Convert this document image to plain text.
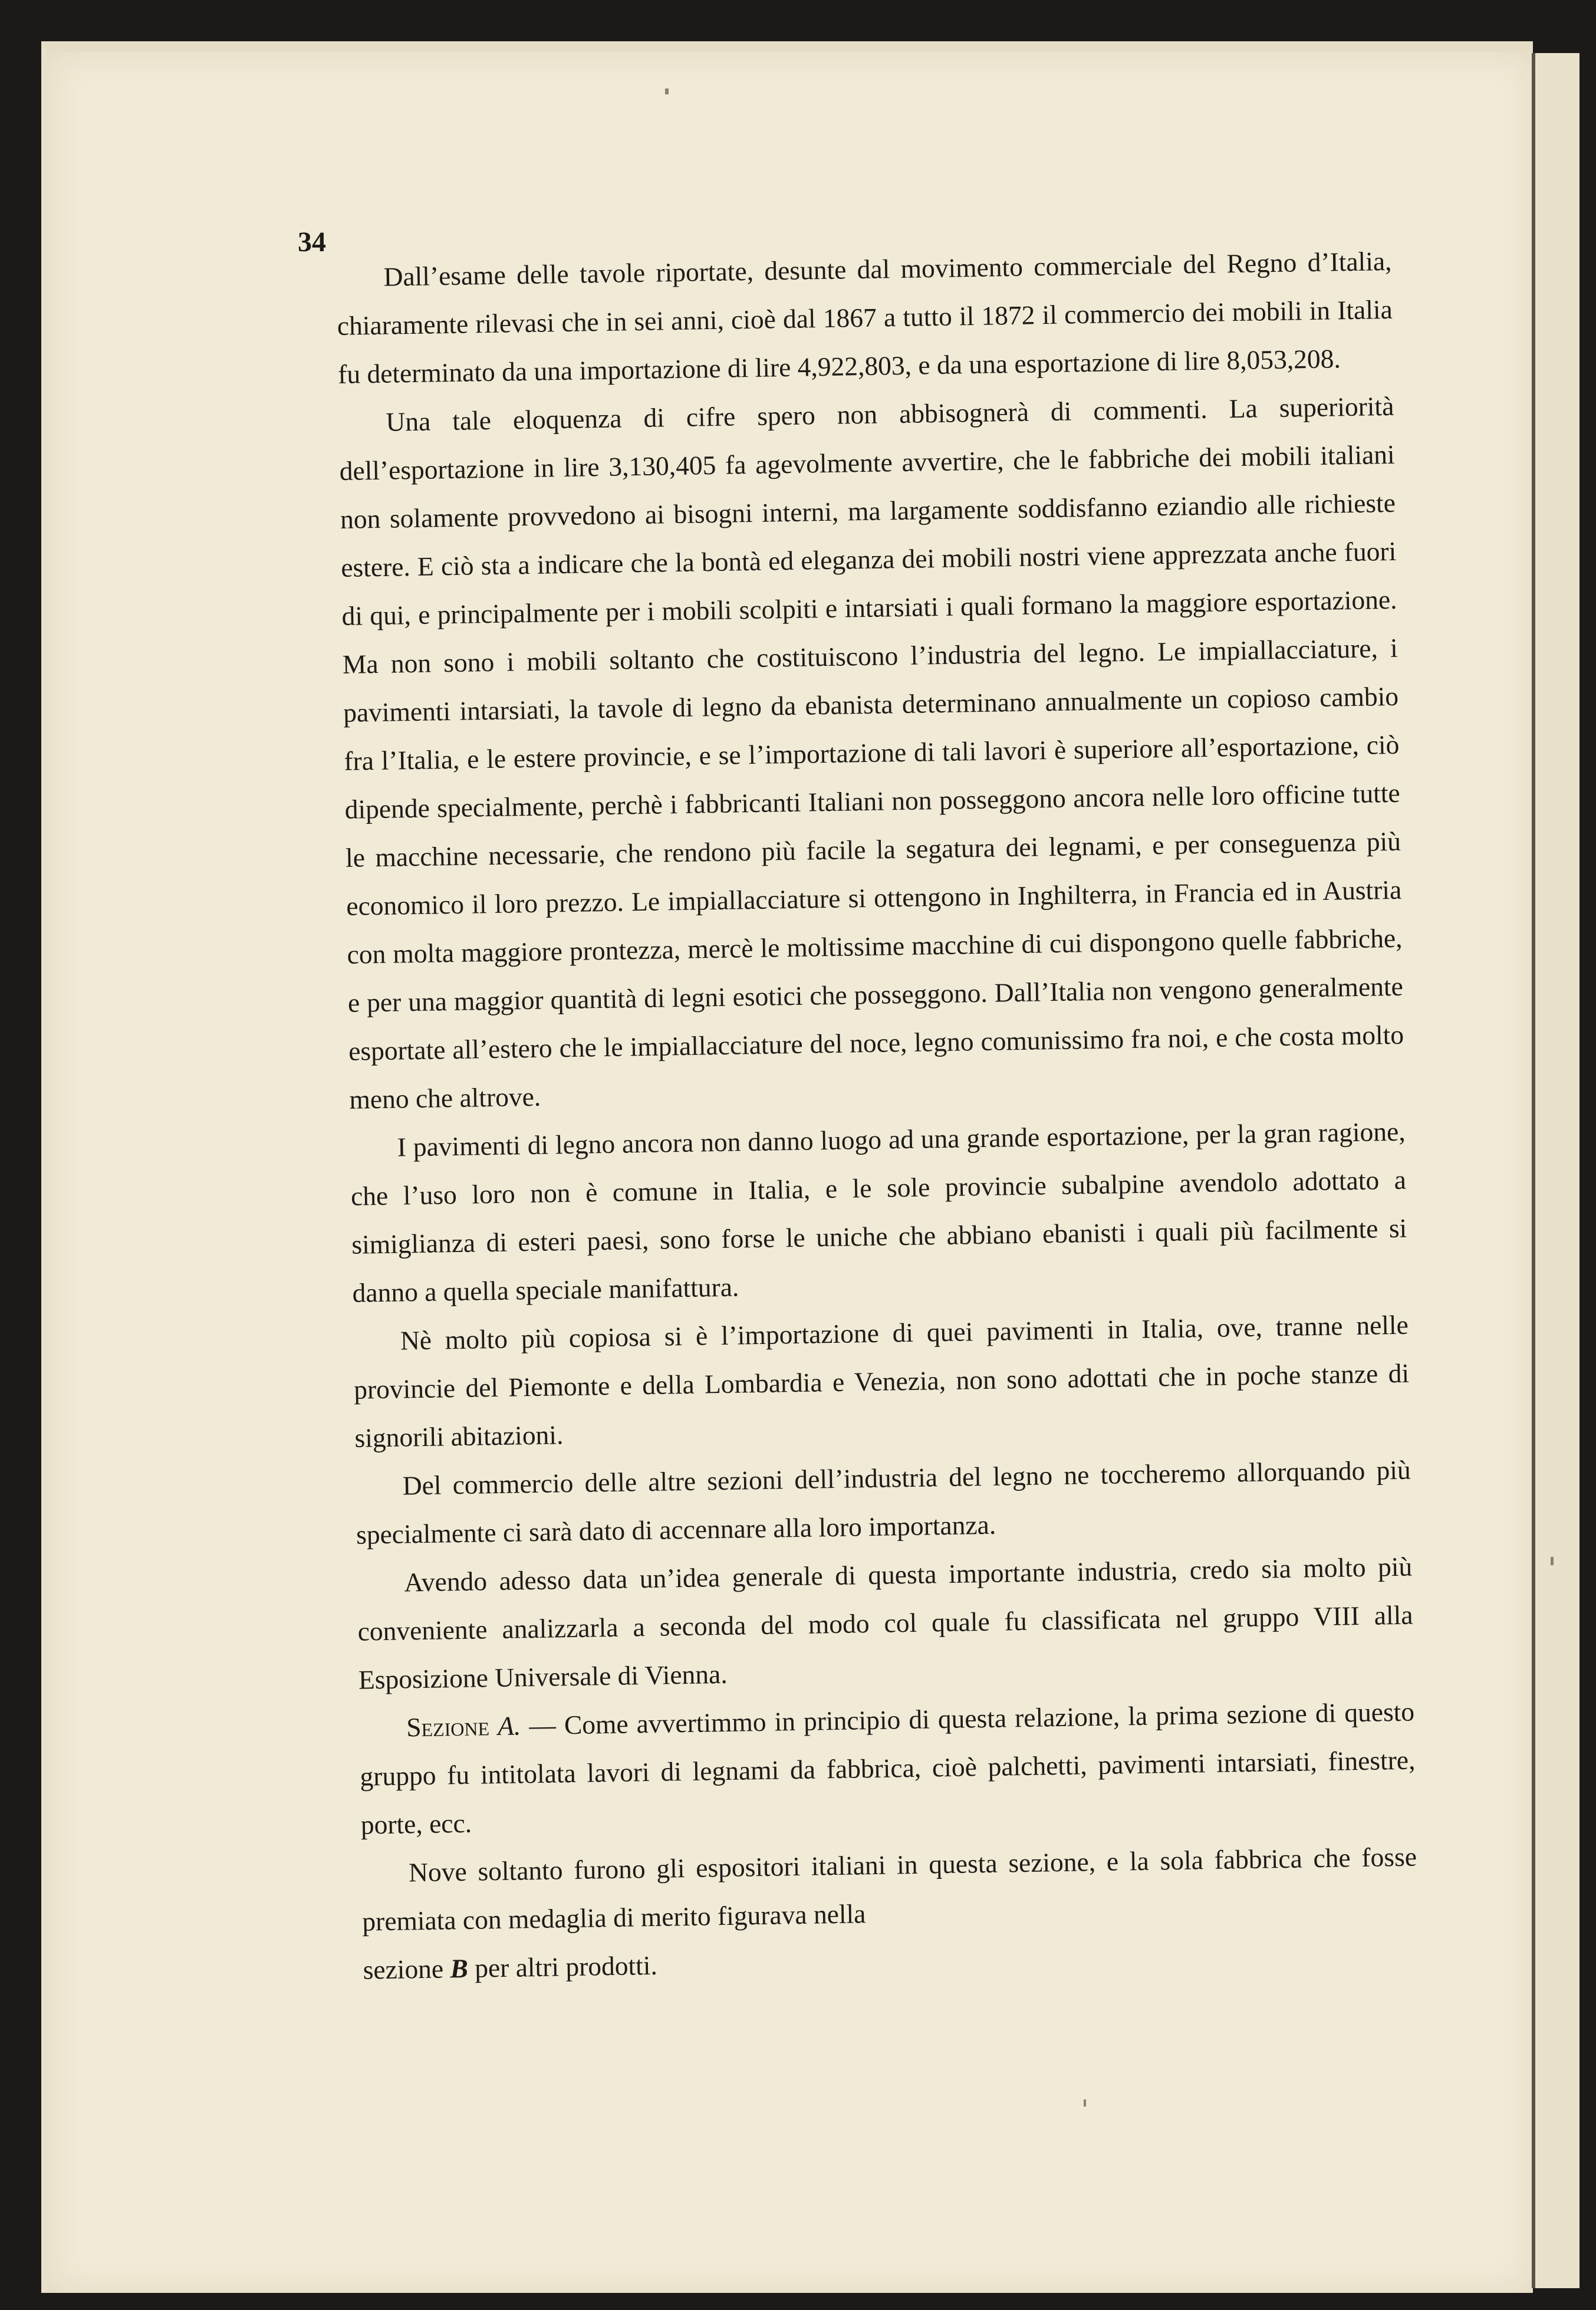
34

Dall’esame delle tavole riportate, desunte dal movimento commerciale del Regno d’Italia, chiaramente rilevasi che in sei anni, cioè dal 1867 a tutto il 1872 il commercio dei mobili in Italia fu determinato da una importazione di lire 4,922,803, e da una esportazione di lire 8,053,208.

Una tale eloquenza di cifre spero non abbisognerà di commenti. La superiorità dell’esportazione in lire 3,130,405 fa agevolmente avvertire, che le fabbriche dei mobili italiani non solamente provvedono ai bisogni interni, ma largamente soddisfanno eziandio alle richieste estere. E ciò sta a indicare che la bontà ed eleganza dei mobili nostri viene apprezzata anche fuori di qui, e principalmente per i mobili scolpiti e intarsiati i quali formano la maggiore esportazione. Ma non sono i mobili soltanto che costituiscono l’industria del legno. Le impiallacciature, i pavimenti intarsiati, la tavole di legno da ebanista determinano annualmente un copioso cambio fra l’Italia, e le estere provincie, e se l’importazione di tali lavori è superiore all’esportazione, ciò dipende specialmente, perchè i fabbricanti Italiani non posseggono ancora nelle loro officine tutte le macchine necessarie, che rendono più facile la segatura dei legnami, e per conseguenza più economico il loro prezzo. Le impiallacciature si ottengono in Inghilterra, in Francia ed in Austria con molta maggiore prontezza, mercè le moltissime macchine di cui dispongono quelle fabbriche, e per una maggior quantità di legni esotici che posseggono. Dall’Italia non vengono generalmente esportate all’estero che le impiallacciature del noce, legno comunissimo fra noi, e che costa molto meno che altrove.

I pavimenti di legno ancora non danno luogo ad una grande esportazione, per la gran ragione, che l’uso loro non è comune in Italia, e le sole provincie subalpine avendolo adottato a simiglianza di esteri paesi, sono forse le uniche che abbiano ebanisti i quali più facilmente si danno a quella speciale manifattura.

Nè molto più copiosa si è l’importazione di quei pavimenti in Italia, ove, tranne nelle provincie del Piemonte e della Lombardia e Venezia, non sono adottati che in poche stanze di signorili abitazioni.

Del commercio delle altre sezioni dell’industria del legno ne toccheremo allorquando più specialmente ci sarà dato di accennare alla loro importanza.

Avendo adesso data un’idea generale di questa importante industria, credo sia molto più conveniente analizzarla a seconda del modo col quale fu classificata nel gruppo VIII alla Esposizione Universale di Vienna.

Sezione A. — Come avvertimmo in principio di questa relazione, la prima sezione di questo gruppo fu intitolata lavori di legnami da fabbrica, cioè palchetti, pavimenti intarsiati, finestre, porte, ecc.

Nove soltanto furono gli espositori italiani in questa sezione, e la sola fabbrica che fosse premiata con medaglia di merito figurava nella

sezione B per altri prodotti.
